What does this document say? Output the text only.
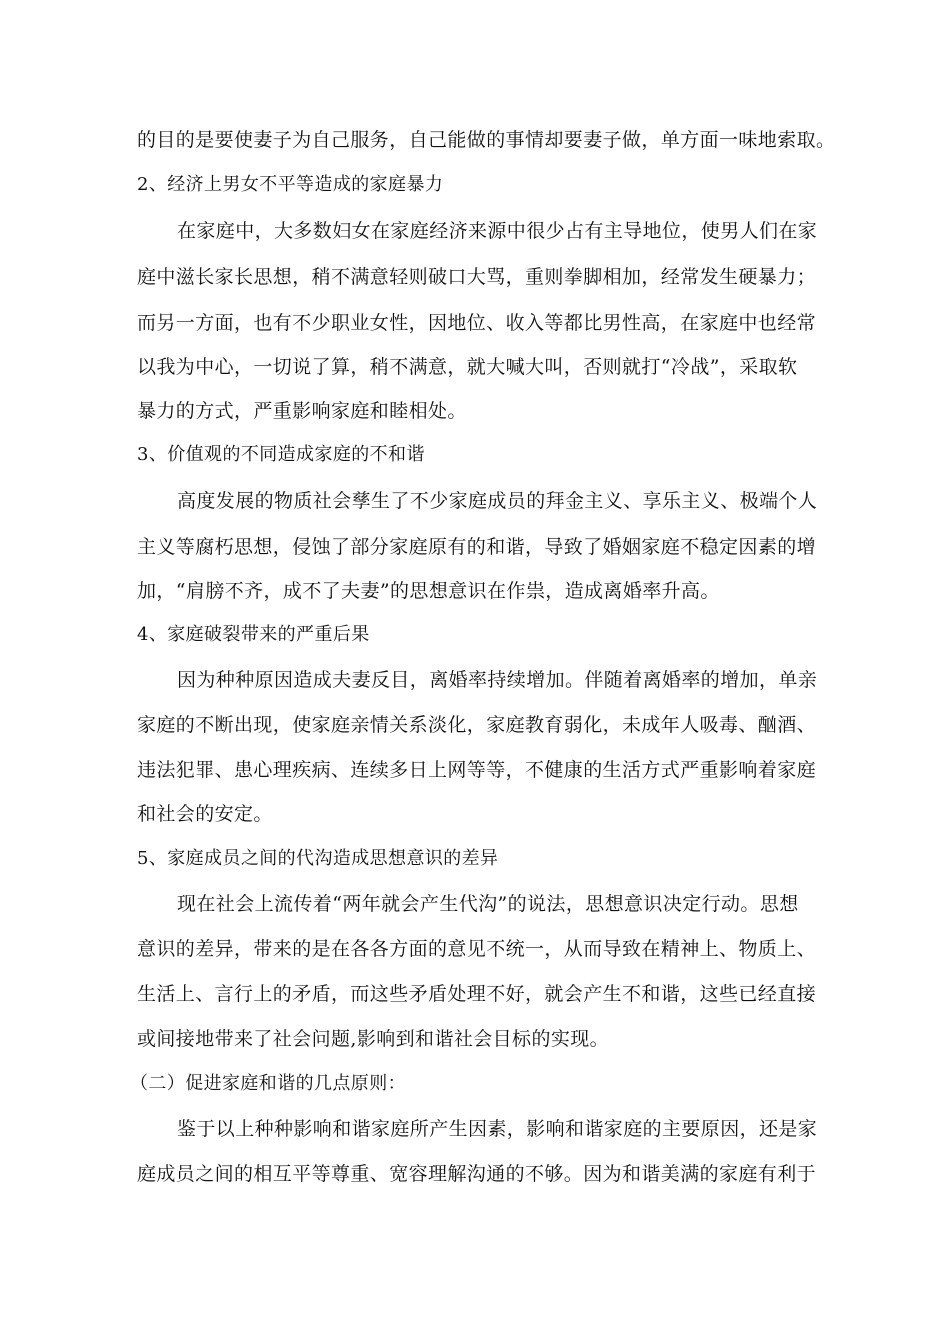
的目的是要使妻子为自己服务，自己能做的事情却要妻子做，单方面一味地索取。
2、经济上男女不平等造成的家庭暴力
在家庭中，大多数妇女在家庭经济来源中很少占有主导地位，使男人们在家
庭中滋长家长思想，稍不满意轻则破口大骂，重则拳脚相加，经常发生硬暴力；
而另一方面，也有不少职业女性，因地位、收入等都比男性高，在家庭中也经常
以我为中心，一切说了算，稍不满意，就大喊大叫，否则就打“冷战”，采取软
暴力的方式，严重影响家庭和睦相处。
3、价值观的不同造成家庭的不和谐
高度发展的物质社会孳生了不少家庭成员的拜金主义、享乐主义、极端个人
主义等腐朽思想，侵蚀了部分家庭原有的和谐，导致了婚姻家庭不稳定因素的增
加，“肩膀不齐，成不了夫妻”的思想意识在作祟，造成离婚率升高。
4、家庭破裂带来的严重后果
因为种种原因造成夫妻反目，离婚率持续增加。伴随着离婚率的增加，单亲
家庭的不断出现，使家庭亲情关系淡化，家庭教育弱化，未成年人吸毒、酗酒、
违法犯罪、患心理疾病、连续多日上网等等，不健康的生活方式严重影响着家庭
和社会的安定。
5、家庭成员之间的代沟造成思想意识的差异
现在社会上流传着“两年就会产生代沟”的说法，思想意识决定行动。思想
意识的差异，带来的是在各各方面的意见不统一，从而导致在精神上、物质上、
生活上、言行上的矛盾，而这些矛盾处理不好，就会产生不和谐，这些已经直接
或间接地带来了社会问题,影响到和谐社会目标的实现。
（二）促进家庭和谐的几点原则：
鉴于以上种种影响和谐家庭所产生因素，影响和谐家庭的主要原因，还是家
庭成员之间的相互平等尊重、宽容理解沟通的不够。因为和谐美满的家庭有利于
